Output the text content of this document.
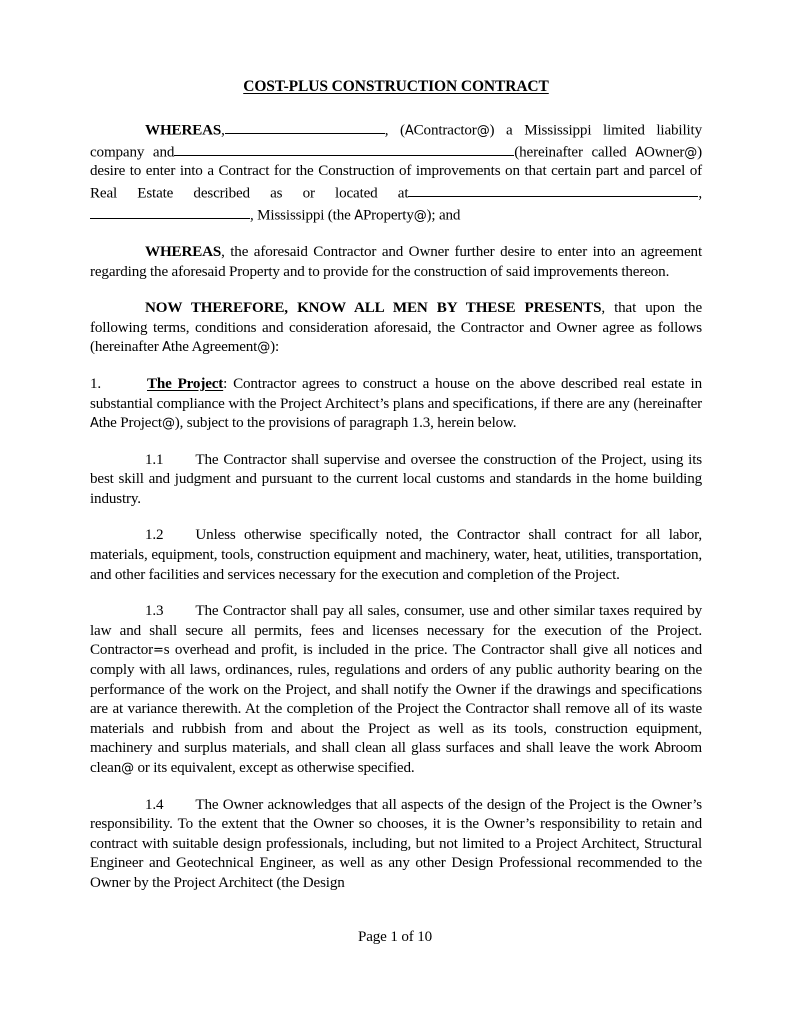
COST-PLUS CONSTRUCTION CONTRACT

WHEREAS,	, (AContractor@) a Mississippi limited liability company and	(hereinafter called AOwner@) desire to enter into a Contract for the Construction of improvements on that certain part and parcel of Real Estate described as or located at	,, Mississippi (the AProperty@); and

WHEREAS, the aforesaid Contractor and Owner further desire to enter into an agreement regarding the aforesaid Property and to provide for the construction of said improvements thereon.

NOW THEREFORE, KNOW ALL MEN BY THESE PRESENTS, that upon the following terms, conditions and consideration aforesaid, the Contractor and Owner agree as follows (hereinafter Athe Agreement@):

1.	The Project: Contractor agrees to construct a house on the above described real estate in substantial compliance with the Project Architect’s plans and specifications, if there are any (hereinafter Athe Project@), subject to the provisions of paragraph 1.3, herein below.

1.1 The Contractor shall supervise and oversee the construction of the Project, using its best skill and judgment and pursuant to the current local customs and standards in the home building industry.

1.2 Unless otherwise specifically noted, the Contractor shall contract for all labor, materials, equipment, tools, construction equipment and machinery, water, heat, utilities, transportation, and other facilities and services necessary for the execution and completion of the Project.

1.3 The Contractor shall pay all sales, consumer, use and other similar taxes required by law and shall secure all permits, fees and licenses necessary for the execution of the Project. Contractor=s overhead and profit, is included in the price. The Contractor shall give all notices and comply with all laws, ordinances, rules, regulations and orders of any public authority bearing on the performance of the work on the Project, and shall notify the Owner if the drawings and specifications are at variance therewith. At the completion of the Project the Contractor shall remove all of its waste materials and rubbish from and about the Project as well as its tools, construction equipment, machinery and surplus materials, and shall clean all glass surfaces and shall leave the work Abroom clean@ or its equivalent, except as otherwise specified.

1.4 The Owner acknowledges that all aspects of the design of the Project is the Owner’s responsibility. To the extent that the Owner so chooses, it is the Owner’s responsibility to retain and contract with suitable design professionals, including, but not limited to a Project Architect, Structural Engineer and Geotechnical Engineer, as well as any other Design Professional recommended to the Owner by the Project Architect (the Design

Page 1 of 10
